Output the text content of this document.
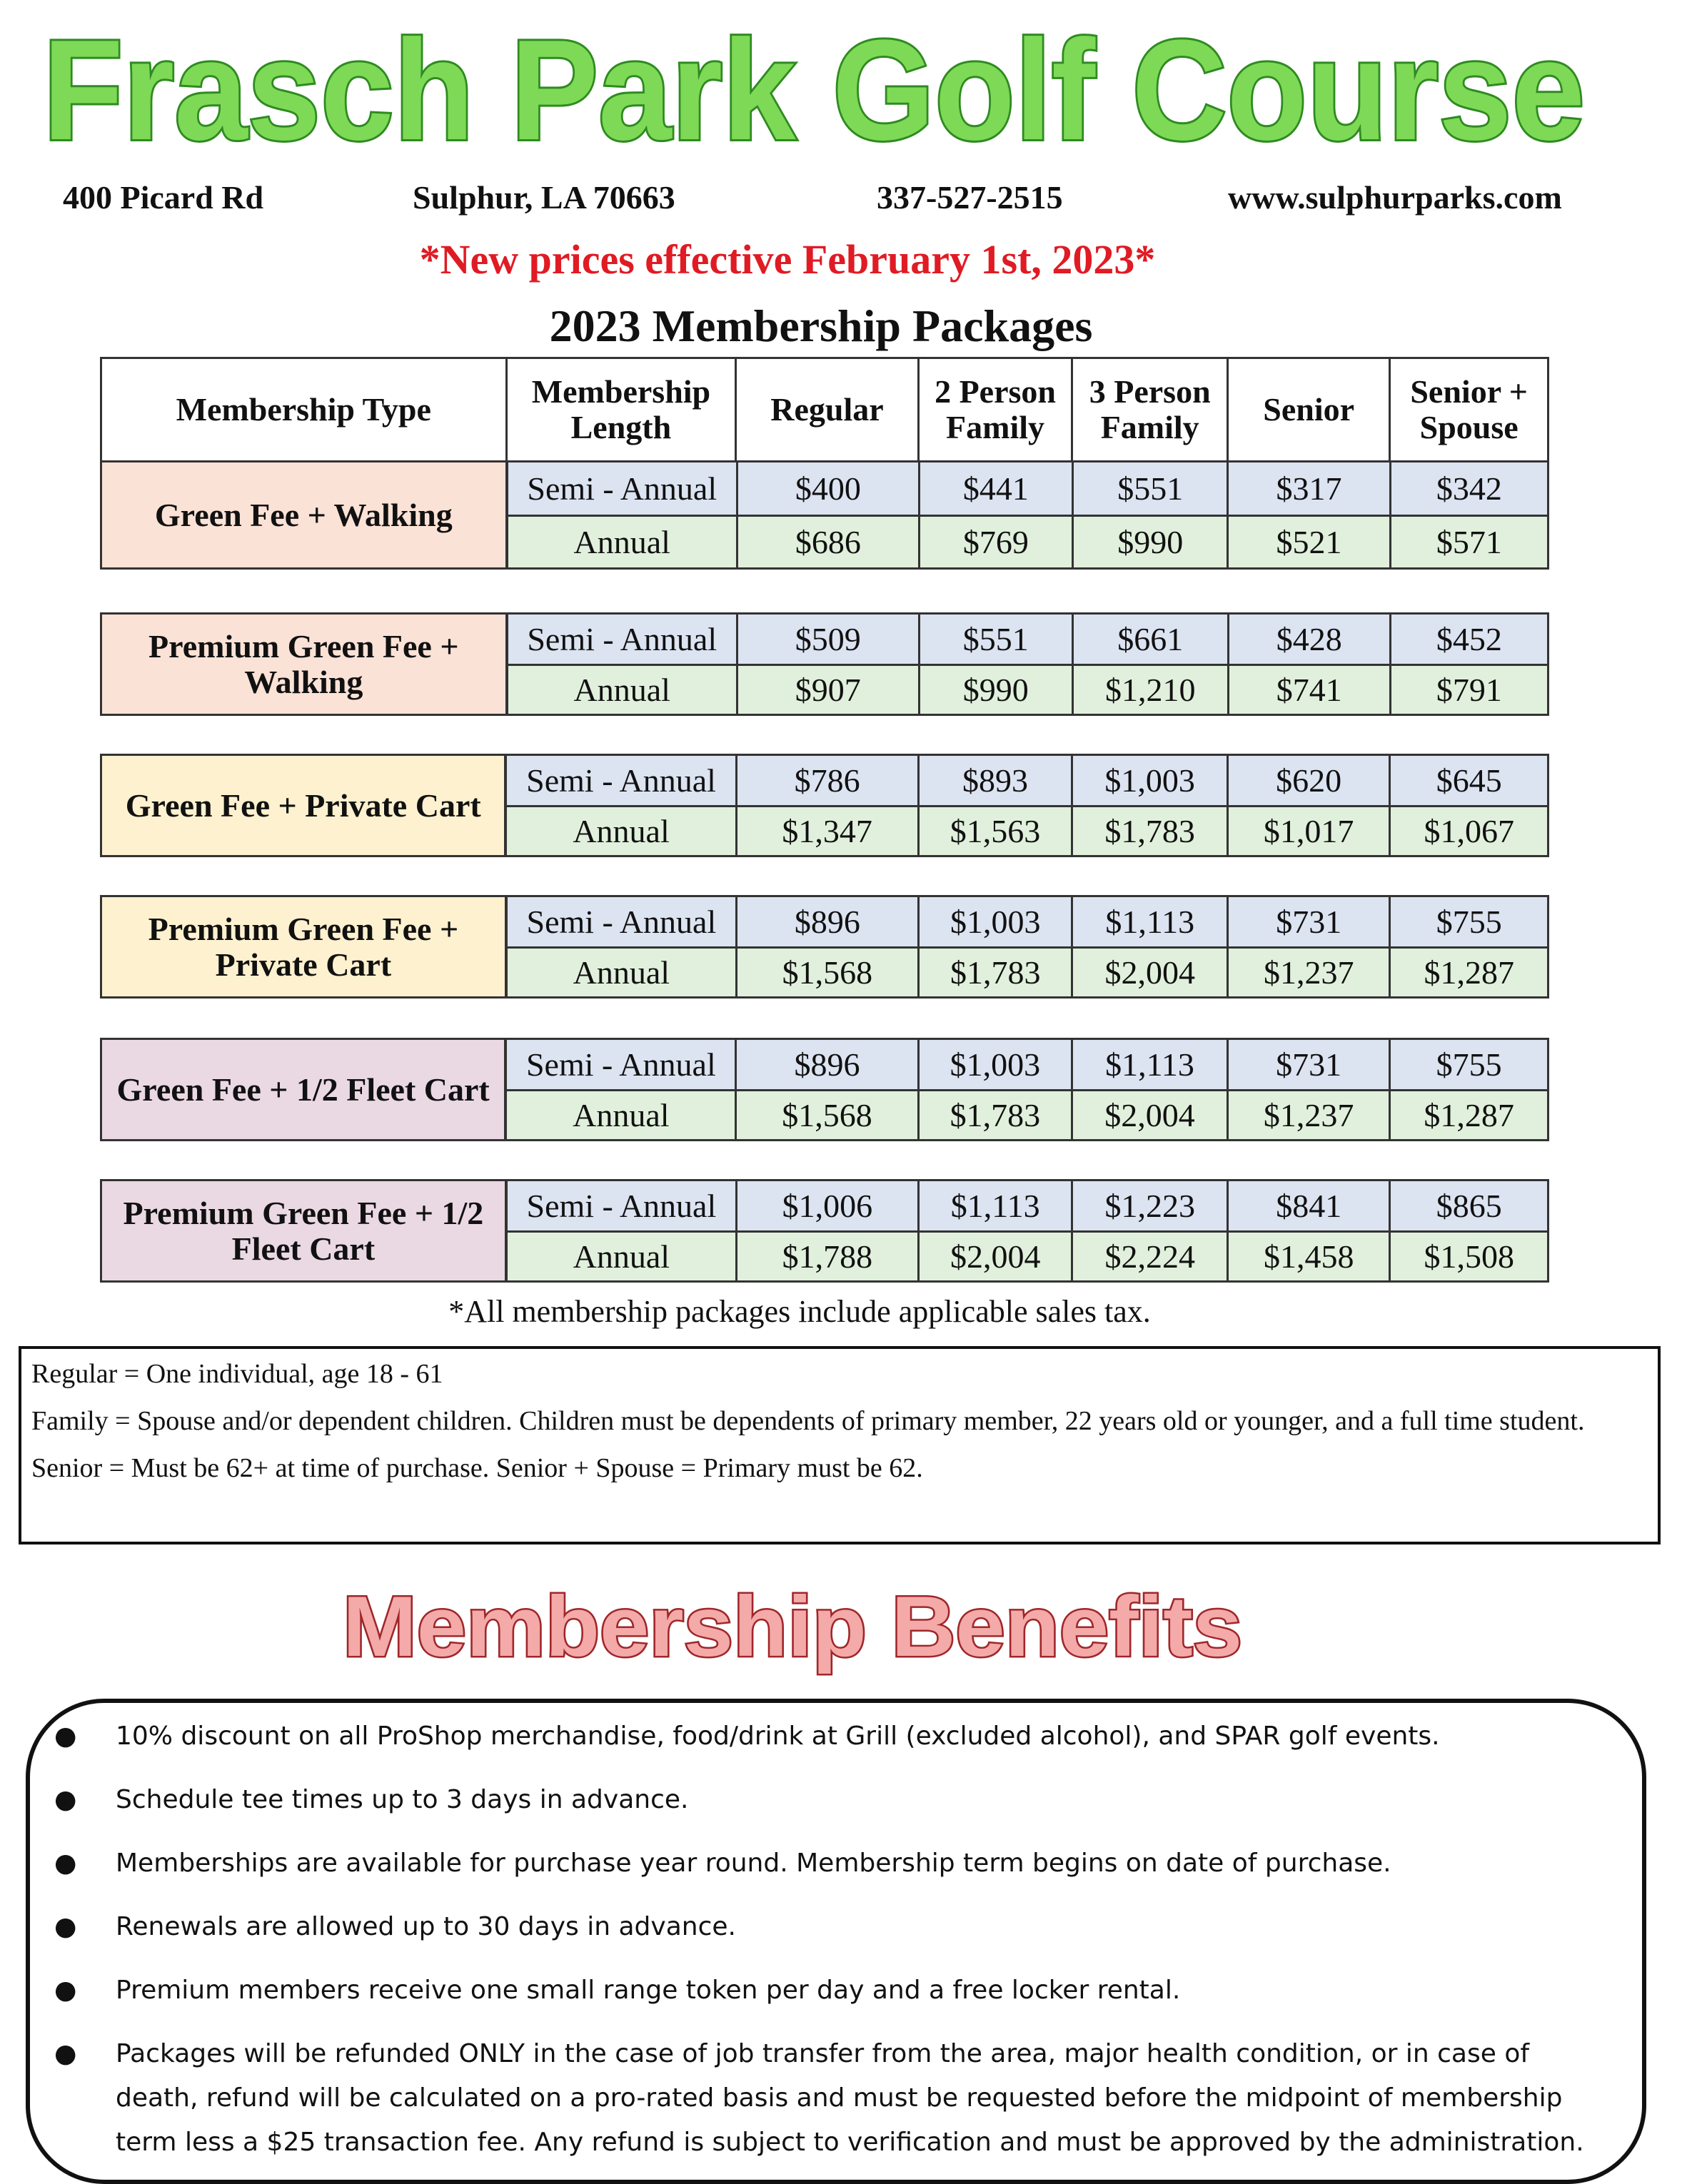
Frasch Park Golf Course
400 Picard Rd	Sulphur, LA 70663	337-527-2515	www.sulphurparks.com
*New prices effective February 1st, 2023*
2023 Membership Packages
Membership Type	Membership Length	Regular	2 Person Family	3 Person Family	Senior	Senior + Spouse
Green Fee + Walking	Semi - Annual	$400	$441	$551	$317	$342
	Annual	$686	$769	$990	$521	$571
Premium Green Fee + Walking	Semi - Annual	$509	$551	$661	$428	$452
	Annual	$907	$990	$1,210	$741	$791
Green Fee + Private Cart	Semi - Annual	$786	$893	$1,003	$620	$645
	Annual	$1,347	$1,563	$1,783	$1,017	$1,067
Premium Green Fee + Private Cart	Semi - Annual	$896	$1,003	$1,113	$731	$755
	Annual	$1,568	$1,783	$2,004	$1,237	$1,287
Green Fee + 1/2 Fleet Cart	Semi - Annual	$896	$1,003	$1,113	$731	$755
	Annual	$1,568	$1,783	$2,004	$1,237	$1,287
Premium Green Fee + 1/2 Fleet Cart	Semi - Annual	$1,006	$1,113	$1,223	$841	$865
	Annual	$1,788	$2,004	$2,224	$1,458	$1,508
*All membership packages include applicable sales tax.

Regular = One individual, age 18 - 61

Family = Spouse and/or dependent children. Children must be dependents of primary member, 22 years old or younger, and a full time student.

Senior = Must be 62+ at time of purchase. Senior + Spouse = Primary must be 62.

Membership Benefits
● 10% discount on all ProShop merchandise, food/drink at Grill (excluded alcohol), and SPAR golf events.
● Schedule tee times up to 3 days in advance.
● Memberships are available for purchase year round. Membership term begins on date of purchase.
● Renewals are allowed up to 30 days in advance.
● Premium members receive one small range token per day and a free locker rental.
● Packages will be refunded ONLY in the case of job transfer from the area, major health condition, or in case of death, refund will be calculated on a pro-rated basis and must be requested before the midpoint of membership term less a $25 transaction fee. Any refund is subject to verification and must be approved by the administration.
